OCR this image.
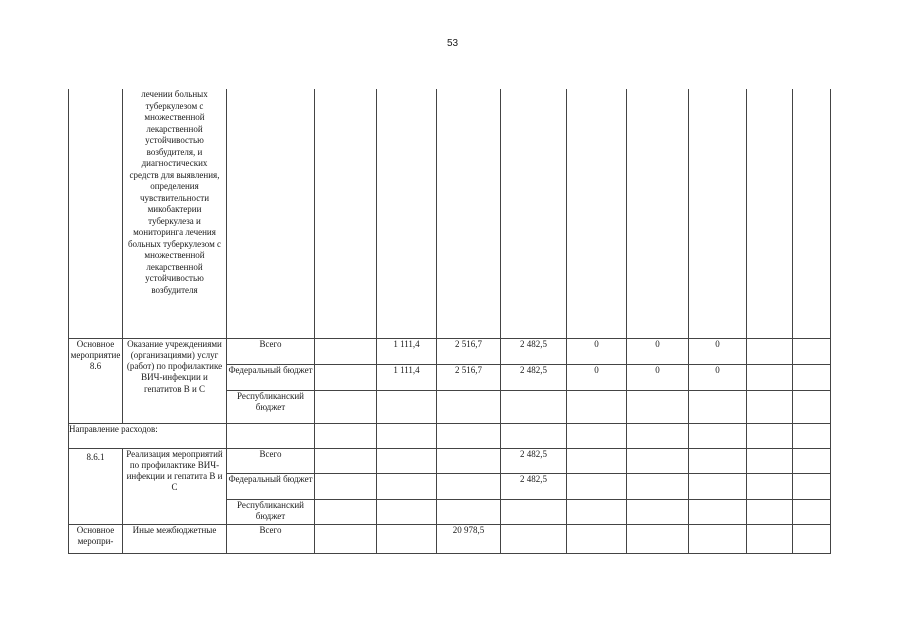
53
	лечении больных туберкулезом с множественной лекарственной устойчивостью возбудителя, и диагностических средств для выявления, определения чувствительности микобактерии туберкулеза и мониторинга лечения больных туберкулезом с множественной лекарственной устойчивостью возбудителя										
Основное мероприятие 8.6	Оказание учреждениями (организациями) услуг (работ) по профилактике ВИЧ-инфекции и гепатитов В и С	Всего		1 111,4	2 516,7	2 482,5	0	0	0		
		Федеральный бюджет		1 111,4	2 516,7	2 482,5	0	0	0		
		Республиканский бюджет									
Направление расходов:											
8.6.1	Реализация мероприятий по профилактике ВИЧ-инфекции и гепатита В и С	Всего				2 482,5					
		Федеральный бюджет				2 482,5					
		Республиканский бюджет									
Основное меропри-	Иные межбюджетные	Всего			20 978,5						
